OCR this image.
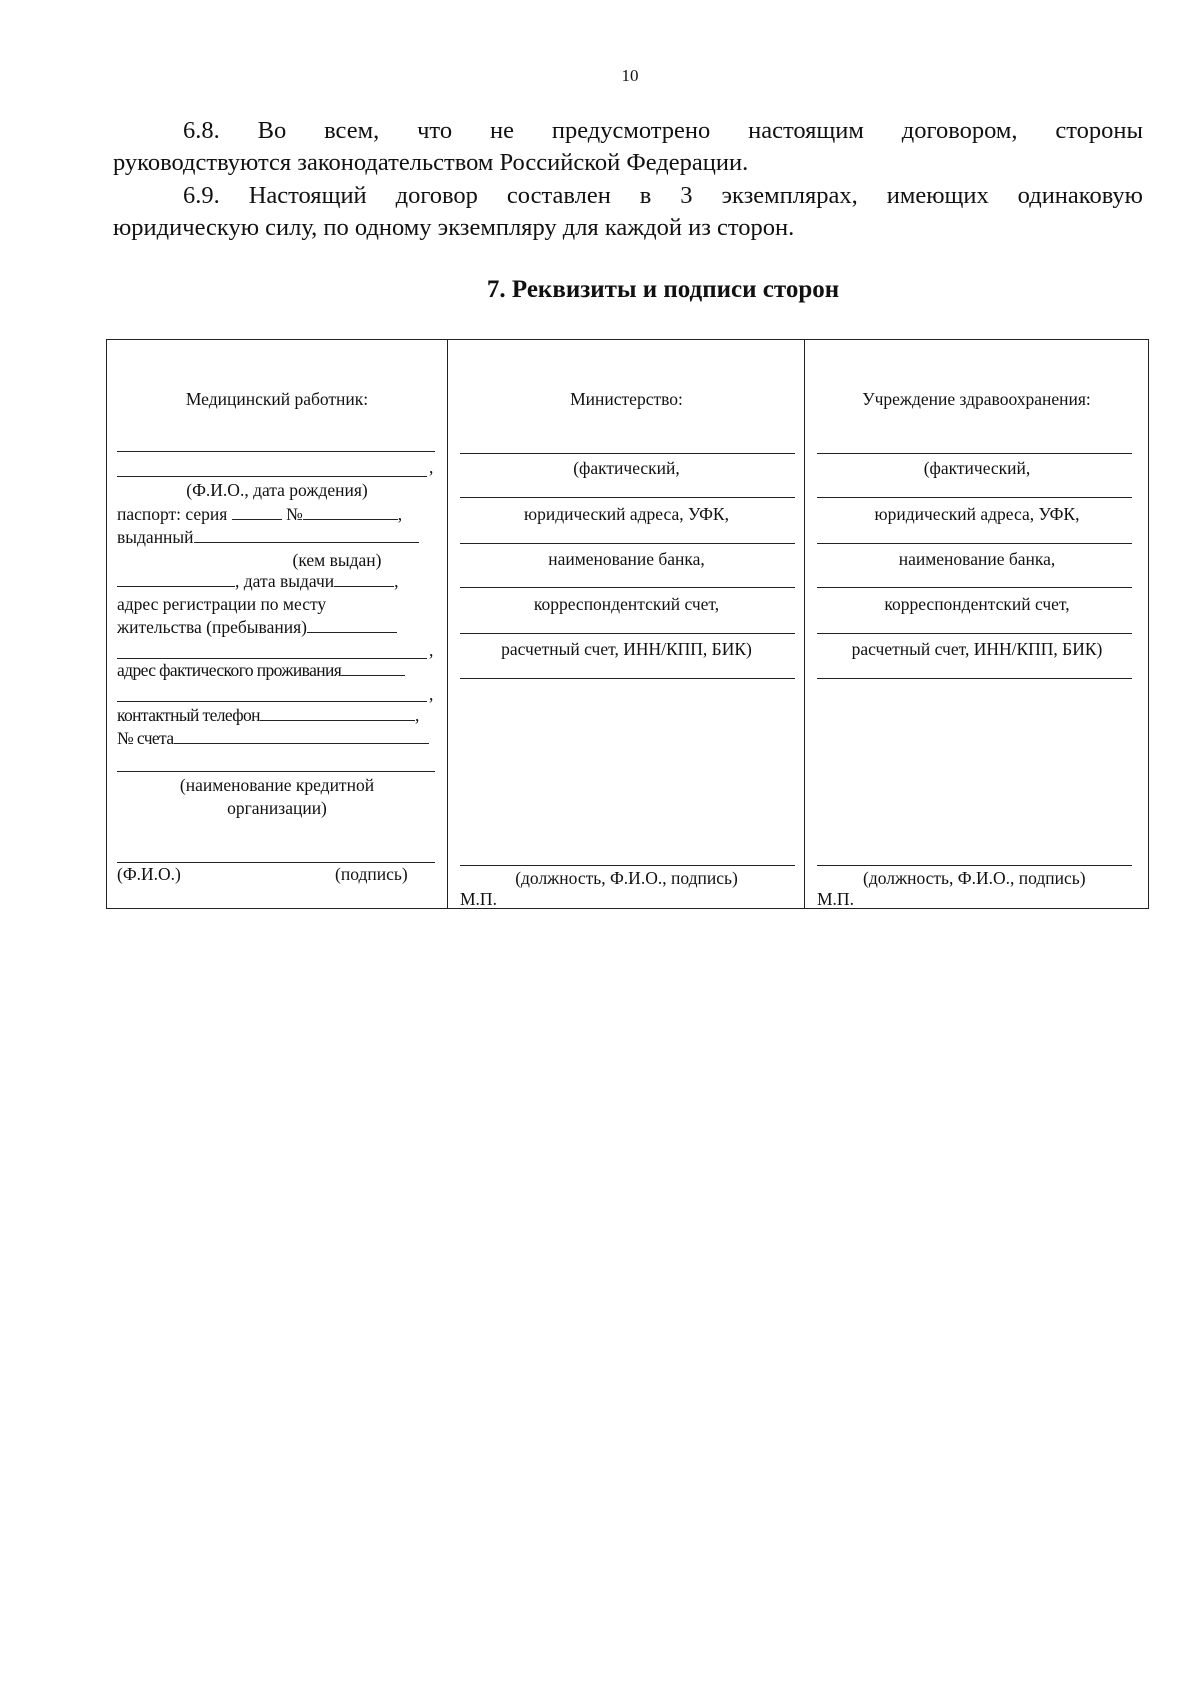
10
6.8. Во всем, что не предусмотрено настоящим договором, стороны
руководствуются законодательством Российской Федерации.
6.9. Настоящий договор составлен в 3 экземплярах, имеющих одинаковую
юридическую силу, по одному экземпляру для каждой из сторон.
7. Реквизиты и подписи сторон
Медицинский работник:
,
(Ф.И.О., дата рождения)
паспорт: серия	№	,
выданный
(кем выдан)
, дата выдачи	,
адрес регистрации по месту
жительства (пребывания)
,
адрес фактического проживания
,
контактный телефон	,
№ счета
(наименование кредитной
организации)
(Ф.И.О.)	(подпись)
Министерство:
(фактический,
юридический адреса, УФК,
наименование банка,
корреспондентский счет,
расчетный счет, ИНН/КПП, БИК)
(должность, Ф.И.О., подпись)
М.П.
Учреждение здравоохранения:
(фактический,
юридический адреса, УФК,
наименование банка,
корреспондентский счет,
расчетный счет, ИНН/КПП, БИК)
(должность, Ф.И.О., подпись)
М.П.
